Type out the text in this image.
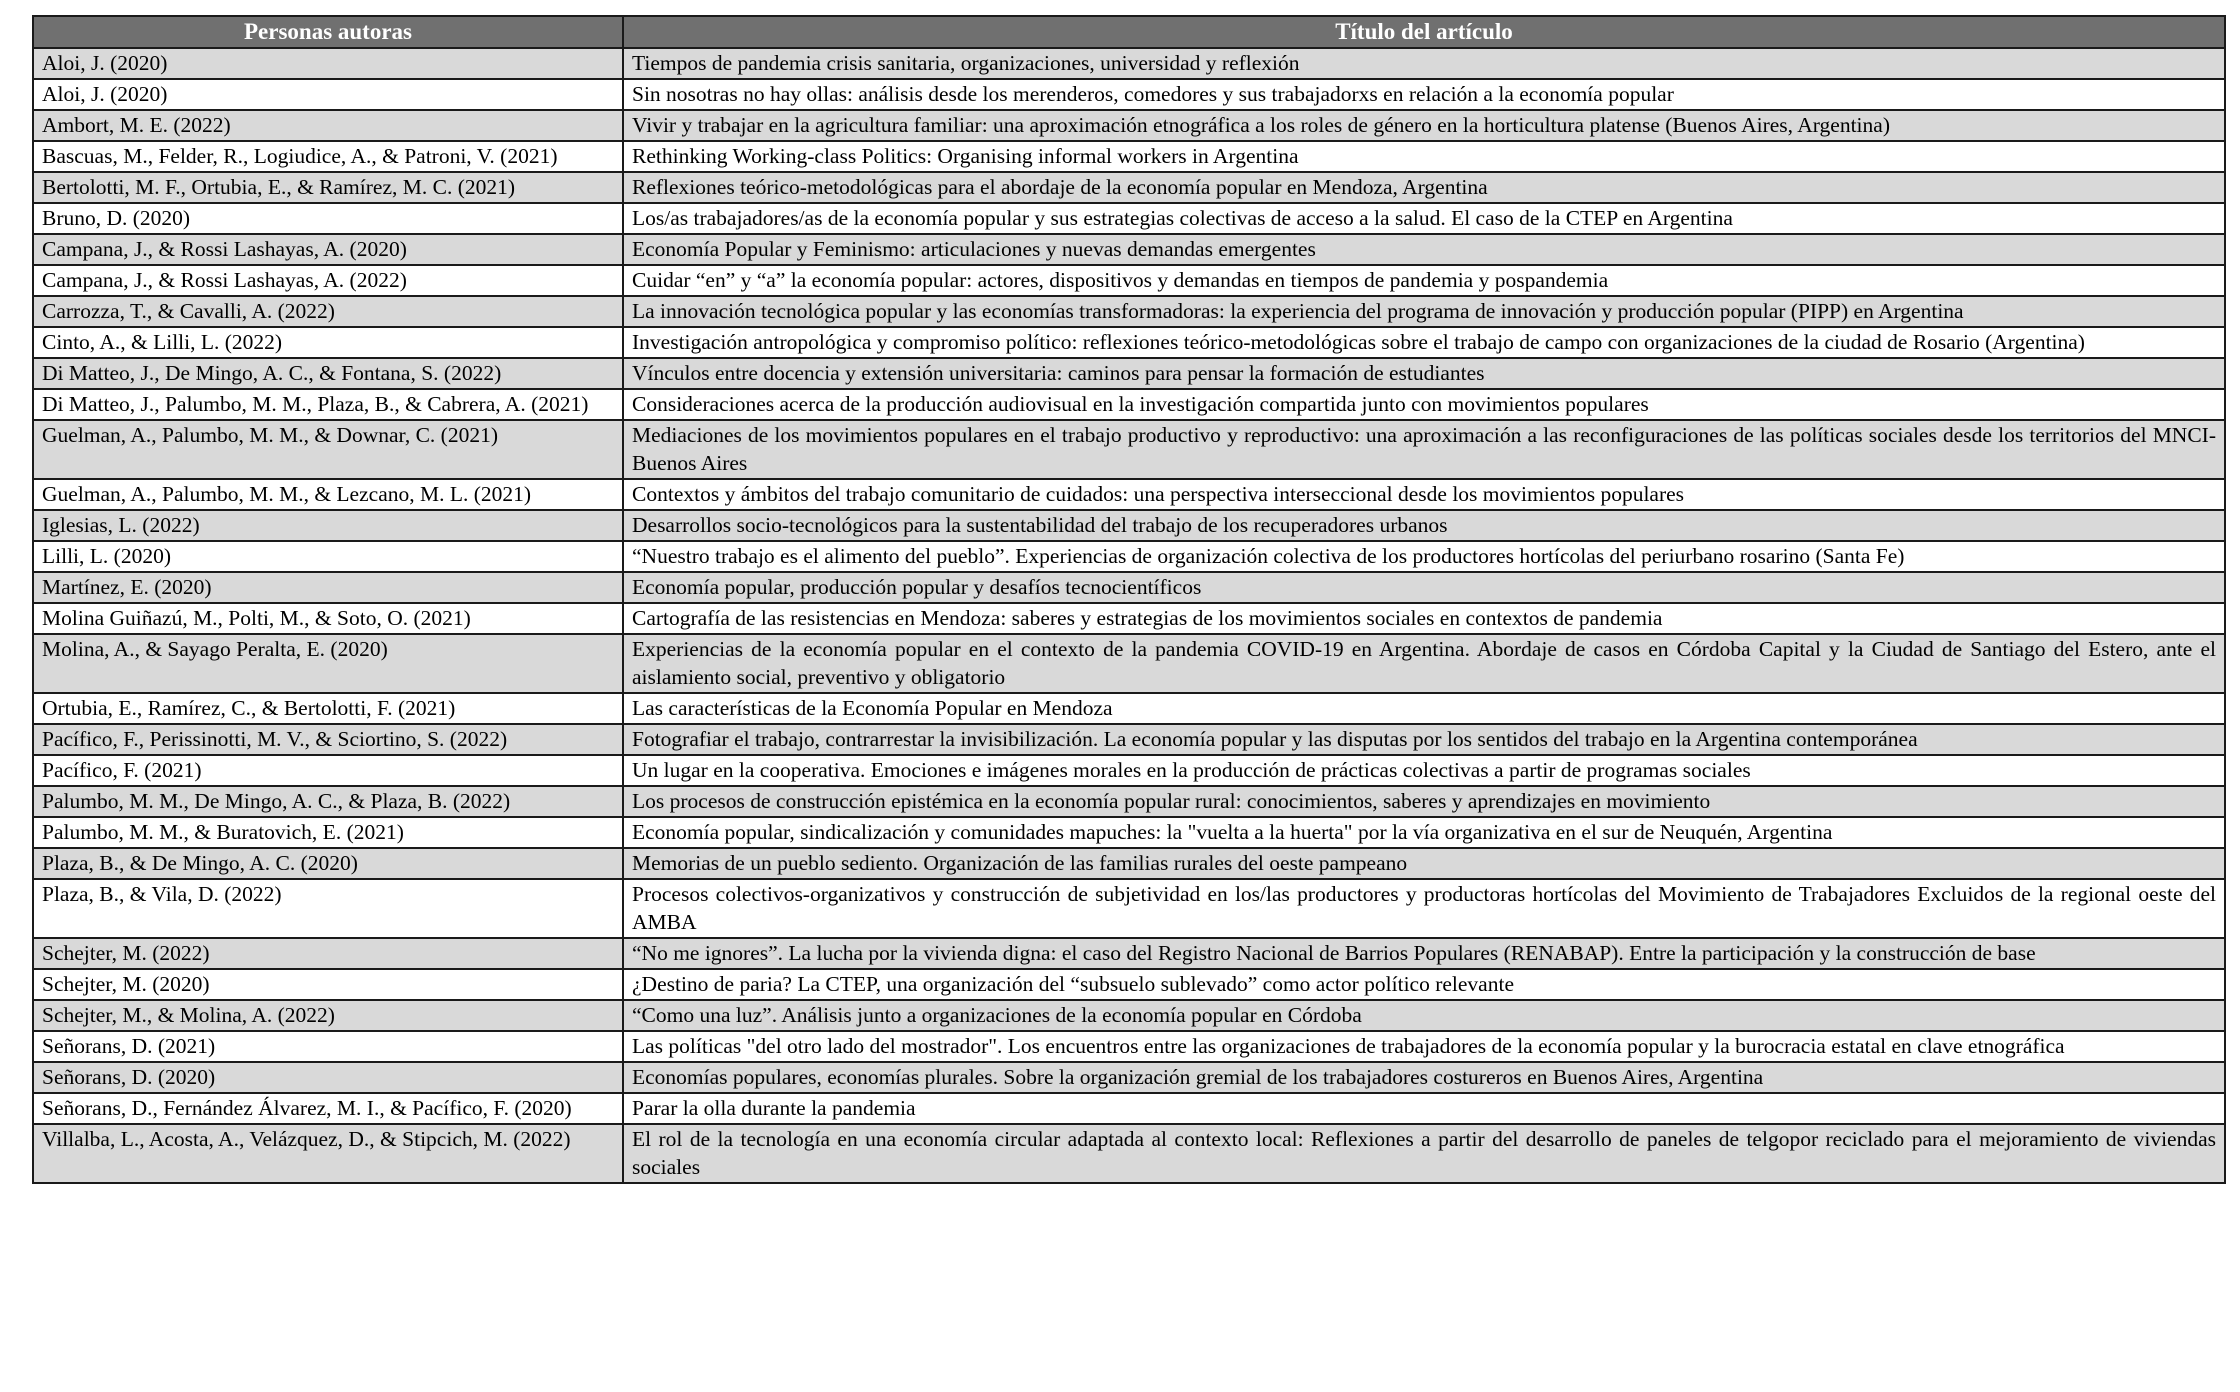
Personas autoras	Título del artículo
Aloi, J. (2020)	Tiempos de pandemia crisis sanitaria, organizaciones, universidad y reflexión
Aloi, J. (2020)	Sin nosotras no hay ollas: análisis desde los merenderos, comedores y sus trabajadorxs en relación a la economía popular
Ambort, M. E. (2022)	Vivir y trabajar en la agricultura familiar: una aproximación etnográfica a los roles de género en la horticultura platense (Buenos Aires, Argentina)
Bascuas, M., Felder, R., Logiudice, A., & Patroni, V. (2021)	Rethinking Working-class Politics: Organising informal workers in Argentina
Bertolotti, M. F., Ortubia, E., & Ramírez, M. C. (2021)	Reflexiones teórico-metodológicas para el abordaje de la economía popular en Mendoza, Argentina
Bruno, D. (2020)	Los/as trabajadores/as de la economía popular y sus estrategias colectivas de acceso a la salud. El caso de la CTEP en Argentina
Campana, J., & Rossi Lashayas, A. (2020)	Economía Popular y Feminismo: articulaciones y nuevas demandas emergentes
Campana, J., & Rossi Lashayas, A. (2022)	Cuidar “en” y “a” la economía popular: actores, dispositivos y demandas en tiempos de pandemia y pospandemia
Carrozza, T., & Cavalli, A. (2022)	La innovación tecnológica popular y las economías transformadoras: la experiencia del programa de innovación y producción popular (PIPP) en Argentina
Cinto, A., & Lilli, L. (2022)	Investigación antropológica y compromiso político: reflexiones teórico-metodológicas sobre el trabajo de campo con organizaciones de la ciudad de Rosario (Argentina)
Di Matteo, J., De Mingo, A. C., & Fontana, S. (2022)	Vínculos entre docencia y extensión universitaria: caminos para pensar la formación de estudiantes
Di Matteo, J., Palumbo, M. M., Plaza, B., & Cabrera, A. (2021)	Consideraciones acerca de la producción audiovisual en la investigación compartida junto con movimientos populares
Guelman, A., Palumbo, M. M., & Downar, C. (2021)	Mediaciones de los movimientos populares en el trabajo productivo y reproductivo: una aproximación a las reconfiguraciones de las políticas sociales desde los territorios del MNCI-Buenos Aires
Guelman, A., Palumbo, M. M., & Lezcano, M. L. (2021)	Contextos y ámbitos del trabajo comunitario de cuidados: una perspectiva interseccional desde los movimientos populares
Iglesias, L. (2022)	Desarrollos socio-tecnológicos para la sustentabilidad del trabajo de los recuperadores urbanos
Lilli, L. (2020)	“Nuestro trabajo es el alimento del pueblo”. Experiencias de organización colectiva de los productores hortícolas del periurbano rosarino (Santa Fe)
Martínez, E. (2020)	Economía popular, producción popular y desafíos tecnocientíficos
Molina Guiñazú, M., Polti, M., & Soto, O. (2021)	Cartografía de las resistencias en Mendoza: saberes y estrategias de los movimientos sociales en contextos de pandemia
Molina, A., & Sayago Peralta, E. (2020)	Experiencias de la economía popular en el contexto de la pandemia COVID-19 en Argentina. Abordaje de casos en Córdoba Capital y la Ciudad de Santiago del Estero, ante el aislamiento social, preventivo y obligatorio
Ortubia, E., Ramírez, C., & Bertolotti, F. (2021)	Las características de la Economía Popular en Mendoza
Pacífico, F., Perissinotti, M. V., & Sciortino, S. (2022)	Fotografiar el trabajo, contrarrestar la invisibilización. La economía popular y las disputas por los sentidos del trabajo en la Argentina contemporánea
Pacífico, F. (2021)	Un lugar en la cooperativa. Emociones e imágenes morales en la producción de prácticas colectivas a partir de programas sociales
Palumbo, M. M., De Mingo, A. C., & Plaza, B. (2022)	Los procesos de construcción epistémica en la economía popular rural: conocimientos, saberes y aprendizajes en movimiento
Palumbo, M. M., & Buratovich, E. (2021)	Economía popular, sindicalización y comunidades mapuches: la "vuelta a la huerta" por la vía organizativa en el sur de Neuquén, Argentina
Plaza, B., & De Mingo, A. C. (2020)	Memorias de un pueblo sediento. Organización de las familias rurales del oeste pampeano
Plaza, B., & Vila, D. (2022)	Procesos colectivos-organizativos y construcción de subjetividad en los/las productores y productoras hortícolas del Movimiento de Trabajadores Excluidos de la regional oeste del AMBA
Schejter, M. (2022)	“No me ignores”. La lucha por la vivienda digna: el caso del Registro Nacional de Barrios Populares (RENABAP). Entre la participación y la construcción de base
Schejter, M. (2020)	¿Destino de paria? La CTEP, una organización del “subsuelo sublevado” como actor político relevante
Schejter, M., & Molina, A. (2022)	“Como una luz”. Análisis junto a organizaciones de la economía popular en Córdoba
Señorans, D. (2021)	Las políticas "del otro lado del mostrador". Los encuentros entre las organizaciones de trabajadores de la economía popular y la burocracia estatal en clave etnográfica
Señorans, D. (2020)	Economías populares, economías plurales. Sobre la organización gremial de los trabajadores costureros en Buenos Aires, Argentina
Señorans, D., Fernández Álvarez, M. I., & Pacífico, F. (2020)	Parar la olla durante la pandemia
Villalba, L., Acosta, A., Velázquez, D., & Stipcich, M. (2022)	El rol de la tecnología en una economía circular adaptada al contexto local: Reflexiones a partir del desarrollo de paneles de telgopor reciclado para el mejoramiento de viviendas sociales
